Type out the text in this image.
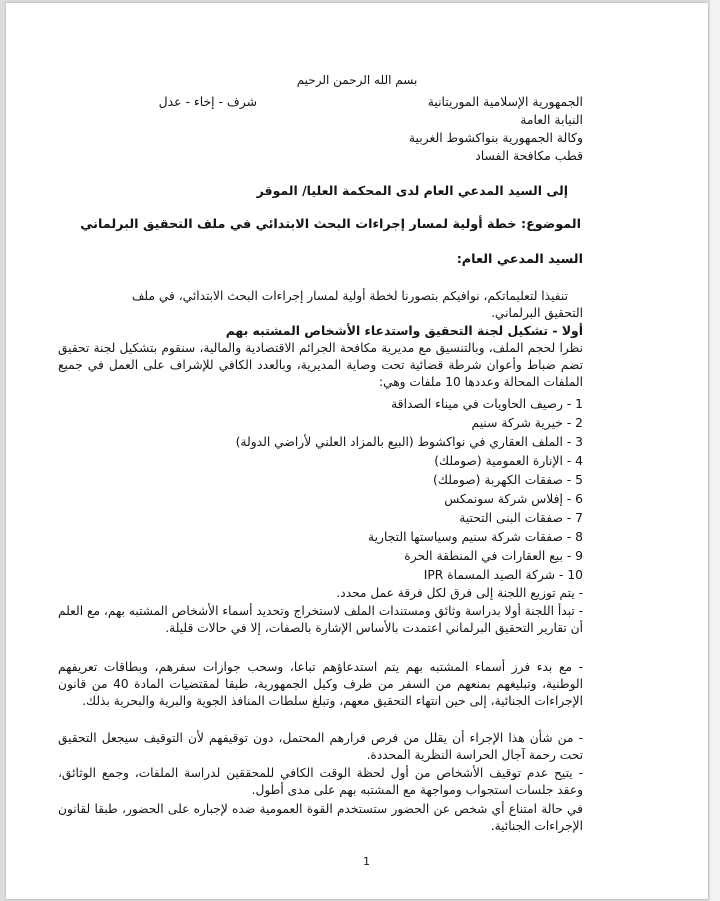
بسم الله الرحمن الرحيم
الجمهورية الإسلامية الموريتانية
شرف - إخاء - عدل
النيابة العامة
وكالة الجمهورية بنواكشوط الغربية
قطب مكافحة الفساد
إلى السيد المدعي العام لدى المحكمة العليا/ الموقر
الموضوع: خطة أولية لمسار إجراءات البحث الابتدائي في ملف التحقيق البرلماني
السيد المدعي العام:
تنفيذا لتعليماتكم، نوافيكم بتصورنا لخطة أولية لمسار إجراءات البحث الابتدائي، في ملف
التحقيق البرلماني.
أولا - تشكيل لجنة التحقيق واستدعاء الأشخاص المشتبه بهم
نظرا لحجم الملف، وبالتنسيق مع مديرية مكافحة الجرائم الاقتصادية والمالية، سنقوم بتشكيل لجنة تحقيق تضم ضباط وأعوان شرطة قضائية تحت وصاية المديرية، وبالعدد الكافي للإشراف على العمل في جميع الملفات المحالة وعددها 10 ملفات وهي:
1 - رصيف الحاويات في ميناء الصداقة
2 - خيرية شركة سنيم
3 - الملف العقاري في نواكشوط (البيع بالمزاد العلني لأراضي الدولة)
4 - الإنارة العمومية (صوملك)
5 - صفقات الكهربة (صوملك)
6 - إفلاس شركة سونمكس
7 - صفقات البنى التحتية
8 - صفقات شركة سنيم وسياستها التجارية
9 - بيع العقارات في المنطقة الحرة
10 - شركة الصيد المسماة IPR
- يتم توزيع اللجنة إلى فرق لكل فرقة عمل محدد.
- تبدأ اللجنة أولا بدراسة وثائق ومستندات الملف لاستخراج وتحديد أسماء الأشخاص المشتبه بهم، مع العلم أن تقارير التحقيق البرلماني اعتمدت بالأساس الإشارة بالصفات، إلا في حالات قليلة.
- مع بدء فرز أسماء المشتبه بهم يتم استدعاؤهم تباعا، وسحب جوازات سفرهم، وبطاقات تعريفهم الوطنية، وتبليغهم بمنعهم من السفر من طرف وكيل الجمهورية، طبقا لمقتضيات المادة 40 من قانون الإجراءات الجنائية، إلى حين انتهاء التحقيق معهم، وتبلغ سلطات المنافذ الجوية والبرية والبحرية بذلك.
- من شأن هذا الإجراء أن يقلل من فرص فرارهم المحتمل، دون توقيفهم لأن التوقيف سيجعل التحقيق تحت رحمة آجال الحراسة النظرية المحددة.
- يتيح عدم توقيف الأشخاص من أول لحظة الوقت الكافي للمحققين لدراسة الملفات، وجمع الوثائق، وعقد جلسات استجواب ومواجهة مع المشتبه بهم على مدى أطول.
في حالة امتناع أي شخص عن الحضور ستستخدم القوة العمومية ضده لإجباره على الحضور، طبقا لقانون الإجراءات الجنائية.
1
